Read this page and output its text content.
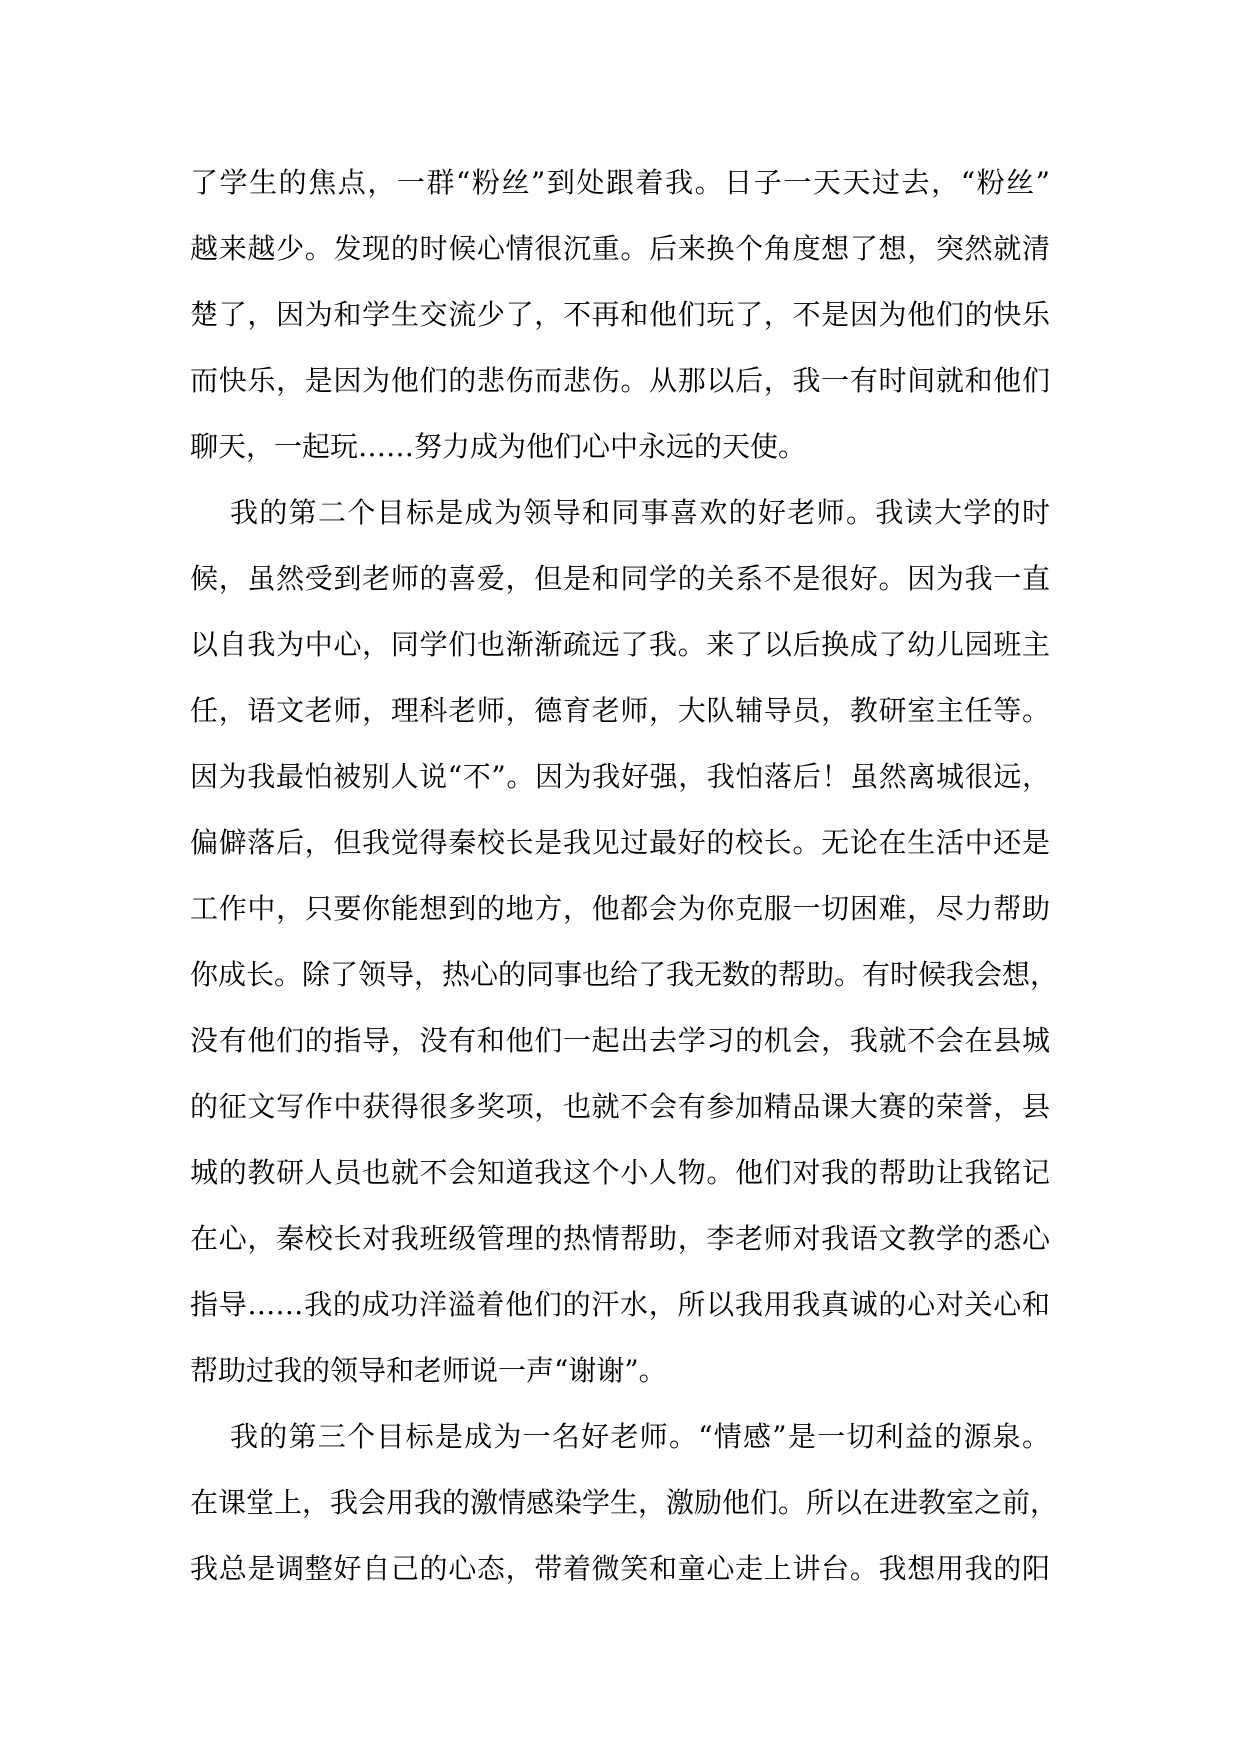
了学生的焦点，一群“粉丝”到处跟着我。日子一天天过去，“粉丝”
越来越少。发现的时候心情很沉重。后来换个角度想了想，突然就清
楚了，因为和学生交流少了，不再和他们玩了，不是因为他们的快乐
而快乐，是因为他们的悲伤而悲伤。从那以后，我一有时间就和他们
聊天，一起玩……努力成为他们心中永远的天使。
我的第二个目标是成为领导和同事喜欢的好老师。我读大学的时
候，虽然受到老师的喜爱，但是和同学的关系不是很好。因为我一直
以自我为中心，同学们也渐渐疏远了我。来了以后换成了幼儿园班主
任，语文老师，理科老师，德育老师，大队辅导员，教研室主任等。
因为我最怕被别人说“不”。因为我好强，我怕落后！虽然离城很远，
偏僻落后，但我觉得秦校长是我见过最好的校长。无论在生活中还是
工作中，只要你能想到的地方，他都会为你克服一切困难，尽力帮助
你成长。除了领导，热心的同事也给了我无数的帮助。有时候我会想，
没有他们的指导，没有和他们一起出去学习的机会，我就不会在县城
的征文写作中获得很多奖项，也就不会有参加精品课大赛的荣誉，县
城的教研人员也就不会知道我这个小人物。他们对我的帮助让我铭记
在心，秦校长对我班级管理的热情帮助，李老师对我语文教学的悉心
指导……我的成功洋溢着他们的汗水，所以我用我真诚的心对关心和
帮助过我的领导和老师说一声“谢谢”。
我的第三个目标是成为一名好老师。“情感”是一切利益的源泉。
在课堂上，我会用我的激情感染学生，激励他们。所以在进教室之前，
我总是调整好自己的心态，带着微笑和童心走上讲台。我想用我的阳
